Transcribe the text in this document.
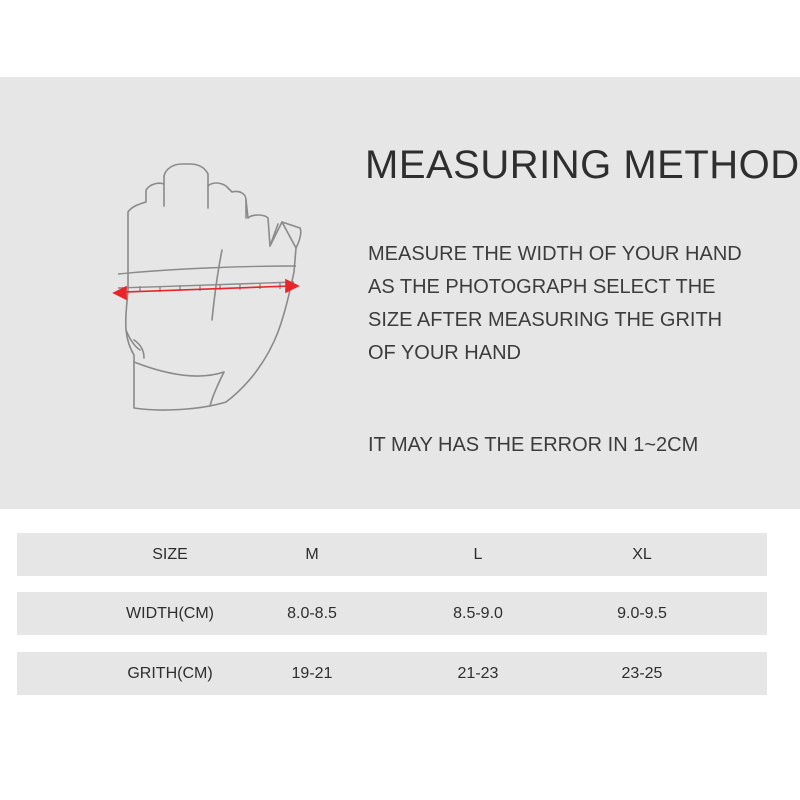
MEASURING METHOD
MEASURE THE WIDTH OF YOUR HAND
AS THE PHOTOGRAPH SELECT THE
SIZE AFTER MEASURING THE GRITH
OF YOUR HAND
IT MAY HAS THE ERROR IN 1~2CM
SIZE	M	L	XL
WIDTH(CM)	8.0-8.5	8.5-9.0	9.0-9.5
GRITH(CM)	19-21	21-23	23-25
